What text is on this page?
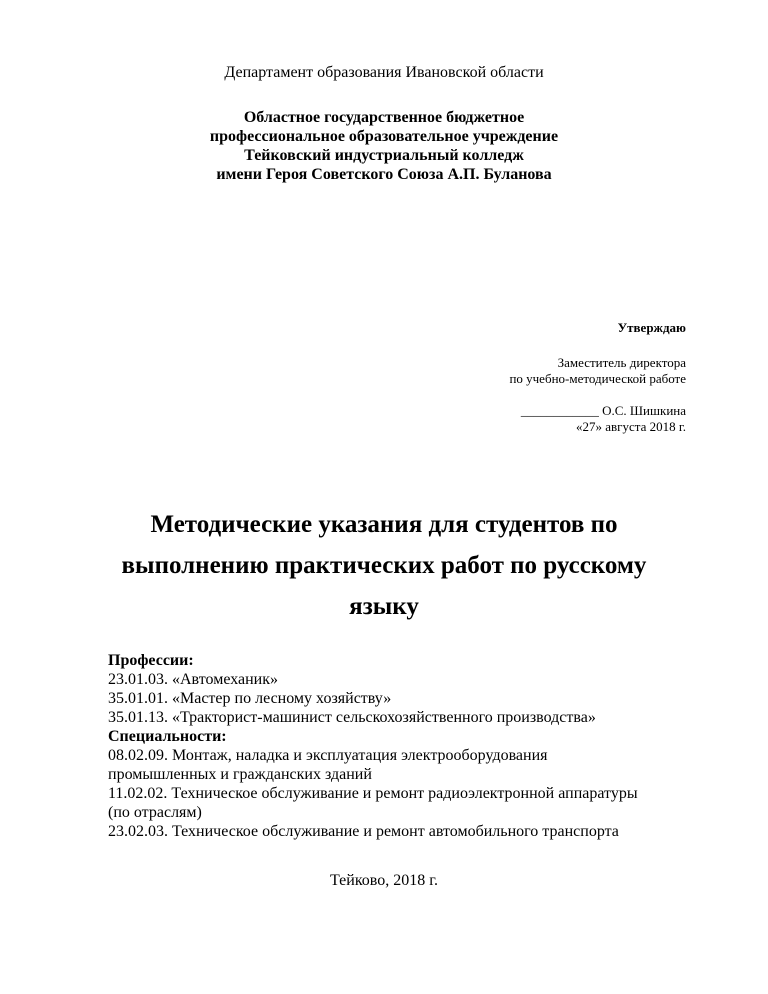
Департамент образования Ивановской области
Областное государственное бюджетное
профессиональное образовательное учреждение
Тейковский индустриальный колледж
имени Героя Советского Союза А.П. Буланова
Утверждаю
Заместитель директора
по учебно-методической работе
____________ О.С. Шишкина
«27» августа 2018 г.
Методические указания для студентов по
выполнению практических работ по русскому
языку
Профессии:
23.01.03. «Автомеханик»
35.01.01. «Мастер по лесному хозяйству»
35.01.13. «Тракторист-машинист сельскохозяйственного производства»
Специальности:
08.02.09. Монтаж, наладка и эксплуатация электрооборудования
промышленных и гражданских зданий
11.02.02. Техническое обслуживание и ремонт радиоэлектронной аппаратуры
(по отраслям)
23.02.03. Техническое обслуживание и ремонт автомобильного транспорта
Тейково, 2018 г.
